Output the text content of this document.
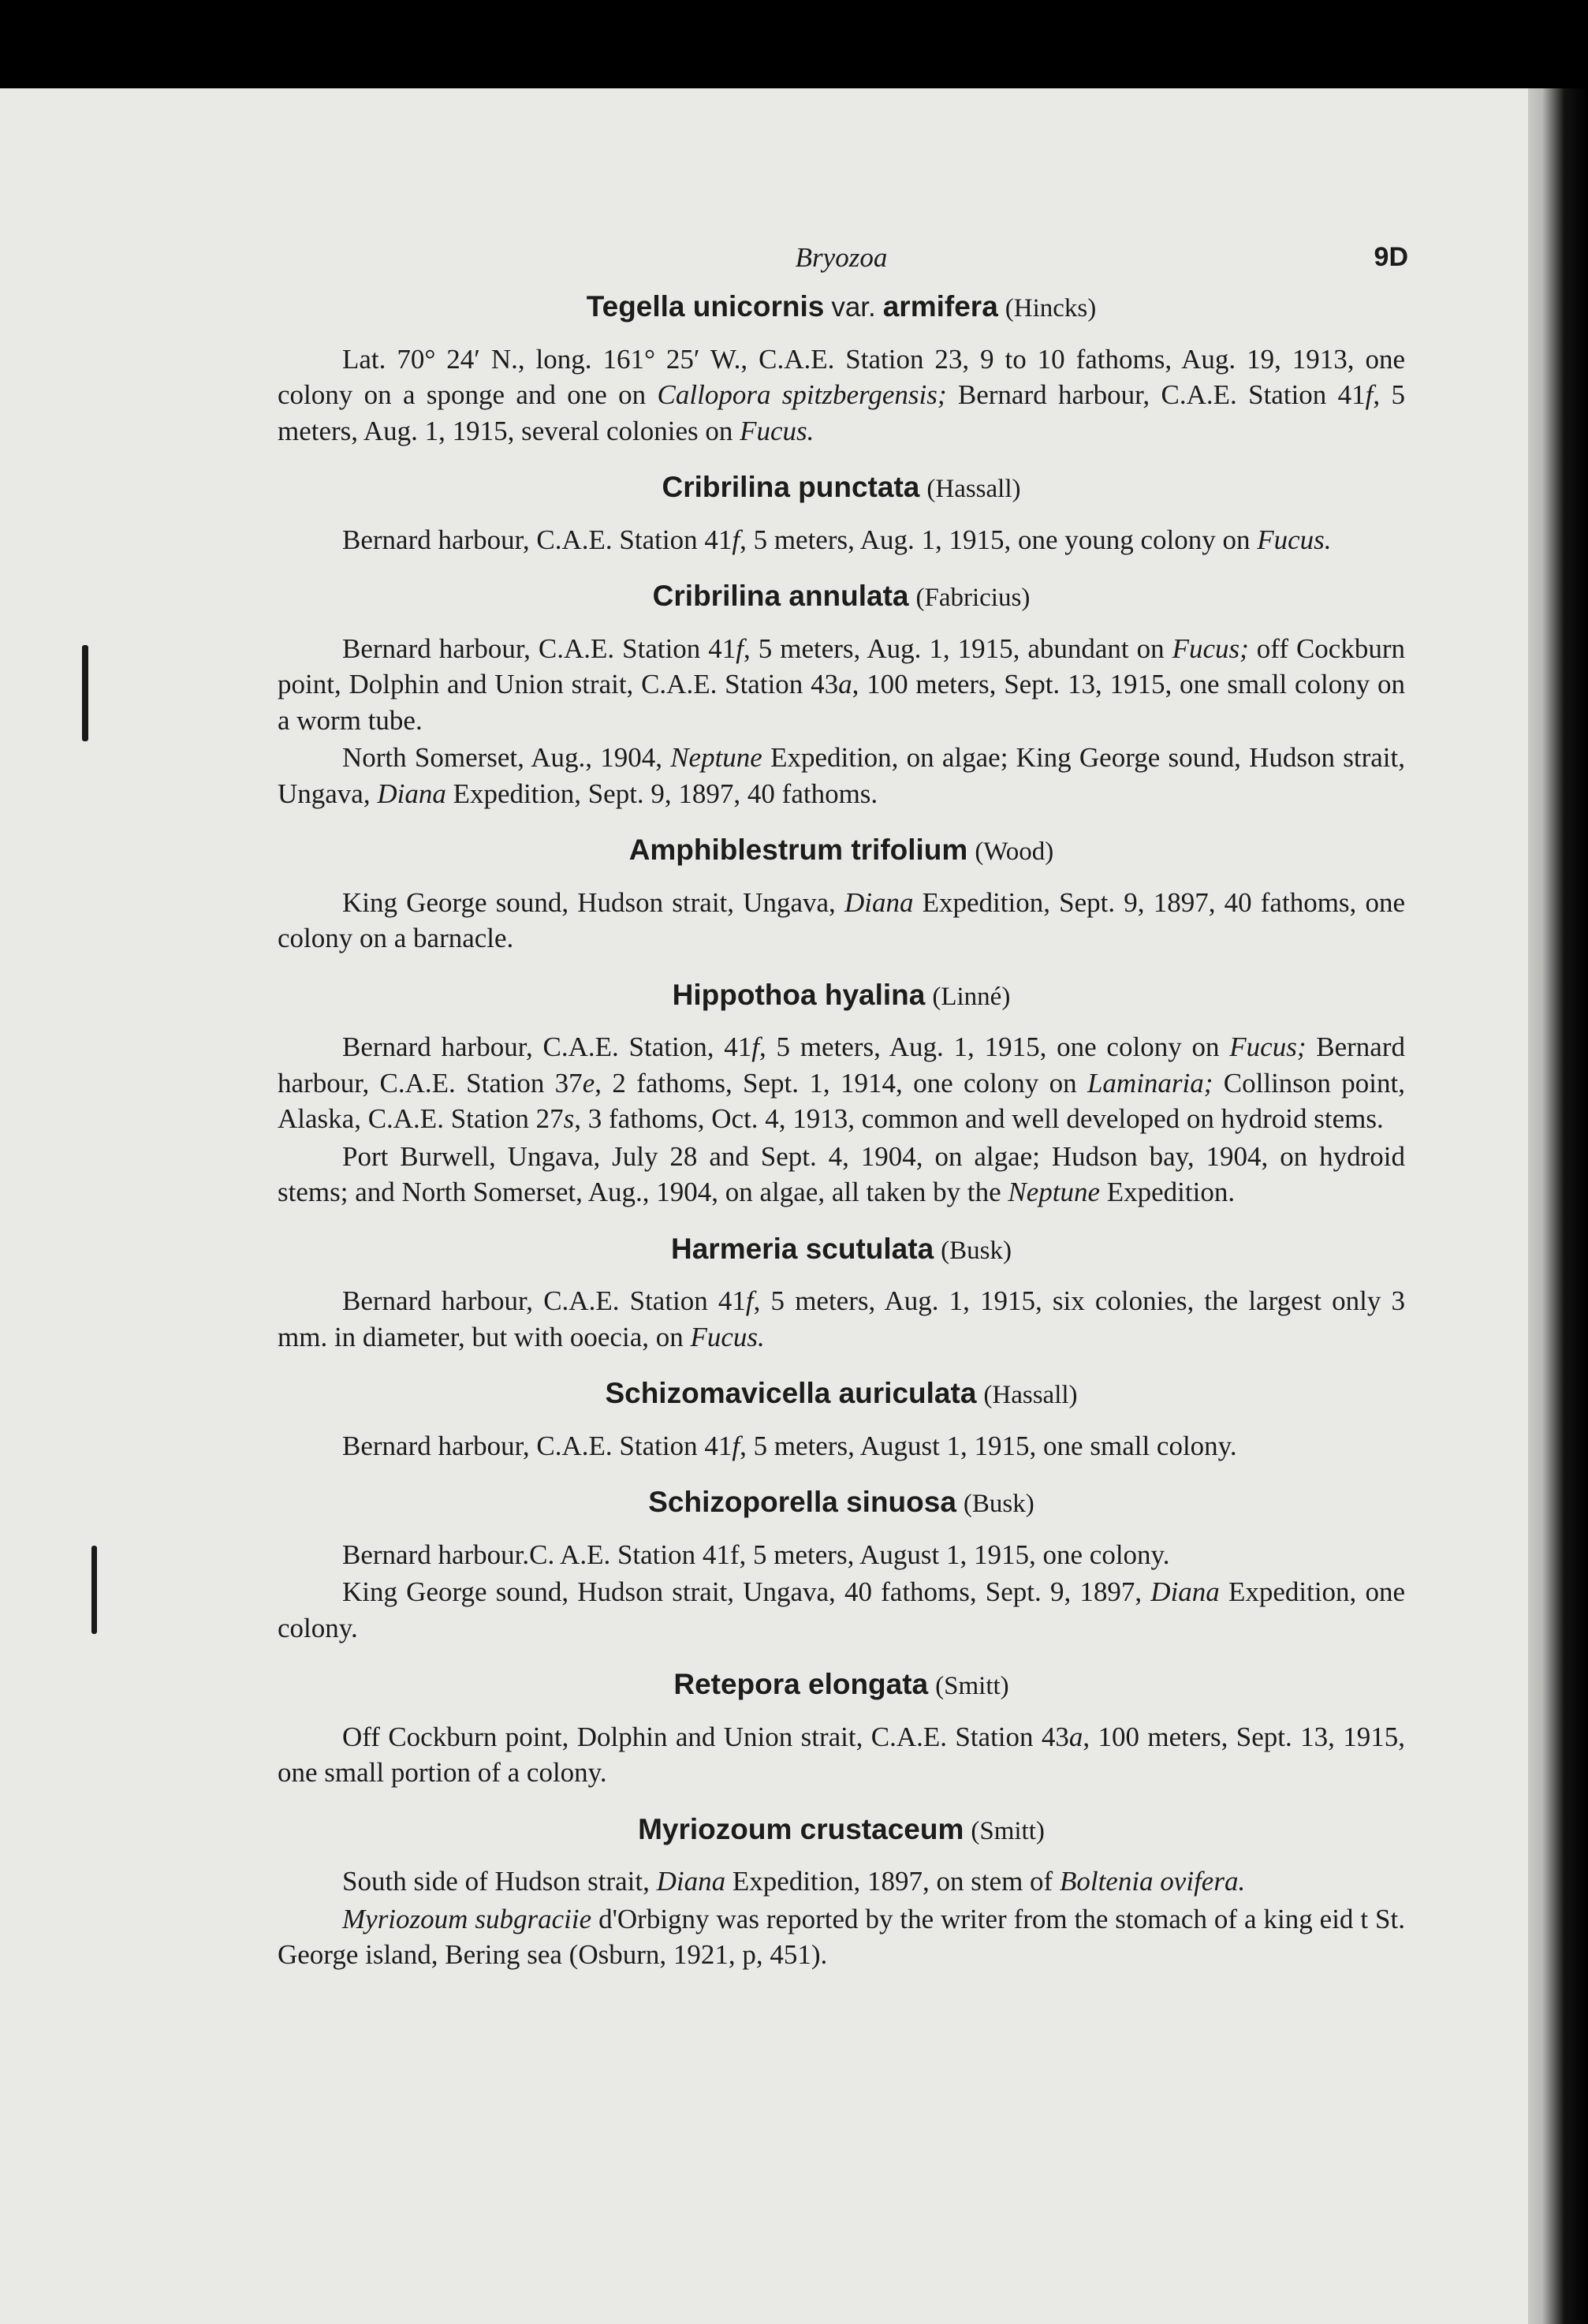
Bryozoa	9D
Tegella unicornis var. armifera (Hincks)

Lat. 70° 24′ N., long. 161° 25′ W., C.A.E. Station 23, 9 to 10 fathoms, Aug. 19, 1913, one colony on a sponge and one on Callopora spitzbergensis; Bernard harbour, C.A.E. Station 41f, 5 meters, Aug. 1, 1915, several colonies on Fucus.

Cribrilina punctata (Hassall)

Bernard harbour, C.A.E. Station 41f, 5 meters, Aug. 1, 1915, one young colony on Fucus.

Cribrilina annulata (Fabricius)

Bernard harbour, C.A.E. Station 41f, 5 meters, Aug. 1, 1915, abundant on Fucus; off Cockburn point, Dolphin and Union strait, C.A.E. Station 43a, 100 meters, Sept. 13, 1915, one small colony on a worm tube.

North Somerset, Aug., 1904, Neptune Expedition, on algae; King George sound, Hudson strait, Ungava, Diana Expedition, Sept. 9, 1897, 40 fathoms.

Amphiblestrum trifolium (Wood)

King George sound, Hudson strait, Ungava, Diana Expedition, Sept. 9, 1897, 40 fathoms, one colony on a barnacle.

Hippothoa hyalina (Linné)

Bernard harbour, C.A.E. Station, 41f, 5 meters, Aug. 1, 1915, one colony on Fucus; Bernard harbour, C.A.E. Station 37e, 2 fathoms, Sept. 1, 1914, one colony on Laminaria; Collinson point, Alaska, C.A.E. Station 27s, 3 fathoms, Oct. 4, 1913, common and well developed on hydroid stems.

Port Burwell, Ungava, July 28 and Sept. 4, 1904, on algae; Hudson bay, 1904, on hydroid stems; and North Somerset, Aug., 1904, on algae, all taken by the Neptune Expedition.

Harmeria scutulata (Busk)

Bernard harbour, C.A.E. Station 41f, 5 meters, Aug. 1, 1915, six colonies, the largest only 3 mm. in diameter, but with ooecia, on Fucus.

Schizomavicella auriculata (Hassall)

Bernard harbour, C.A.E. Station 41f, 5 meters, August 1, 1915, one small colony.

Schizoporella sinuosa (Busk)

Bernard harbour.C. A.E. Station 41f, 5 meters, August 1, 1915, one colony.

King George sound, Hudson strait, Ungava, 40 fathoms, Sept. 9, 1897, Diana Expedition, one colony.

Retepora elongata (Smitt)

Off Cockburn point, Dolphin and Union strait, C.A.E. Station 43a, 100 meters, Sept. 13, 1915, one small portion of a colony.

Myriozoum crustaceum (Smitt)

South side of Hudson strait, Diana Expedition, 1897, on stem of Boltenia ovifera.

Myriozoum subgraciie d'Orbigny was reported by the writer from the stomach of a king eid t St. George island, Bering sea (Osburn, 1921, p, 451).
